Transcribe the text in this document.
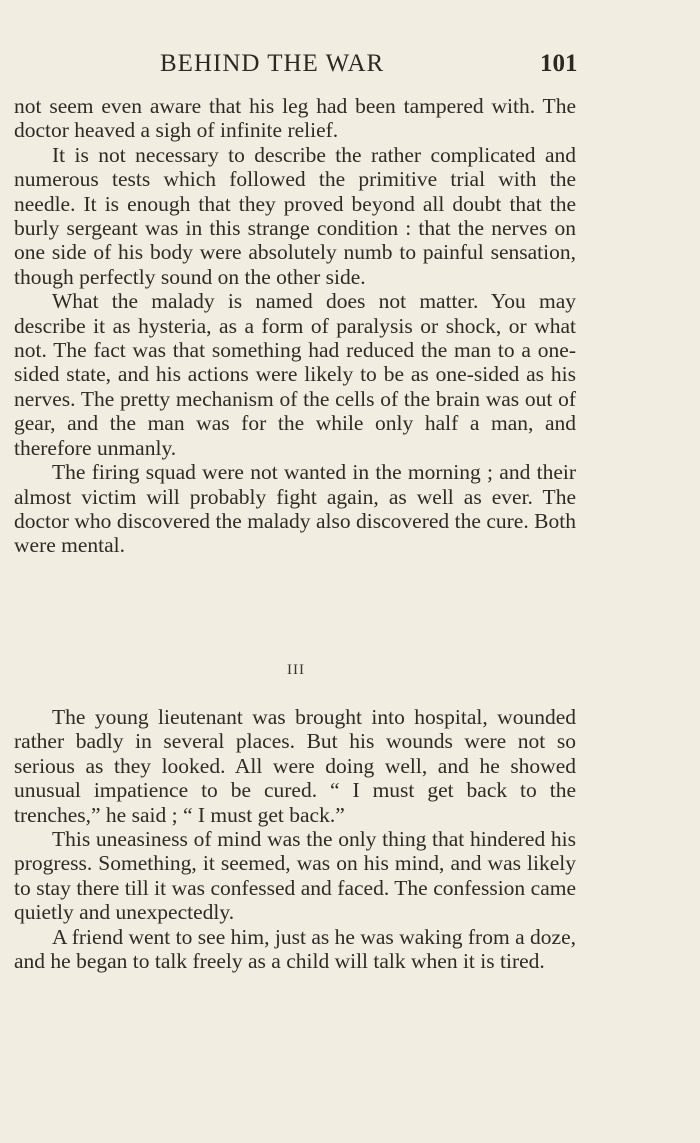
BEHIND THE WAR	101

not seem even aware that his leg had been tampered with. The doctor heaved a sigh of infinite relief.

It is not necessary to describe the rather complicated and numerous tests which followed the primitive trial with the needle. It is enough that they proved beyond all doubt that the burly sergeant was in this strange condition : that the nerves on one side of his body were absolutely numb to painful sensation, though perfectly sound on the other side.

What the malady is named does not matter. You may describe it as hysteria, as a form of paralysis or shock, or what not. The fact was that something had reduced the man to a one-sided state, and his actions were likely to be as one-sided as his nerves. The pretty mechanism of the cells of the brain was out of gear, and the man was for the while only half a man, and therefore unmanly.

The firing squad were not wanted in the morning ; and their almost victim will probably fight again, as well as ever. The doctor who discovered the malady also discovered the cure. Both were mental.

III

The young lieutenant was brought into hospital, wounded rather badly in several places. But his wounds were not so serious as they looked. All were doing well, and he showed unusual impatience to be cured. “ I must get back to the trenches,” he said ; “ I must get back.”

This uneasiness of mind was the only thing that hindered his progress. Something, it seemed, was on his mind, and was likely to stay there till it was confessed and faced. The confession came quietly and unexpectedly.

A friend went to see him, just as he was waking from a doze, and he began to talk freely as a child will talk when it is tired.
